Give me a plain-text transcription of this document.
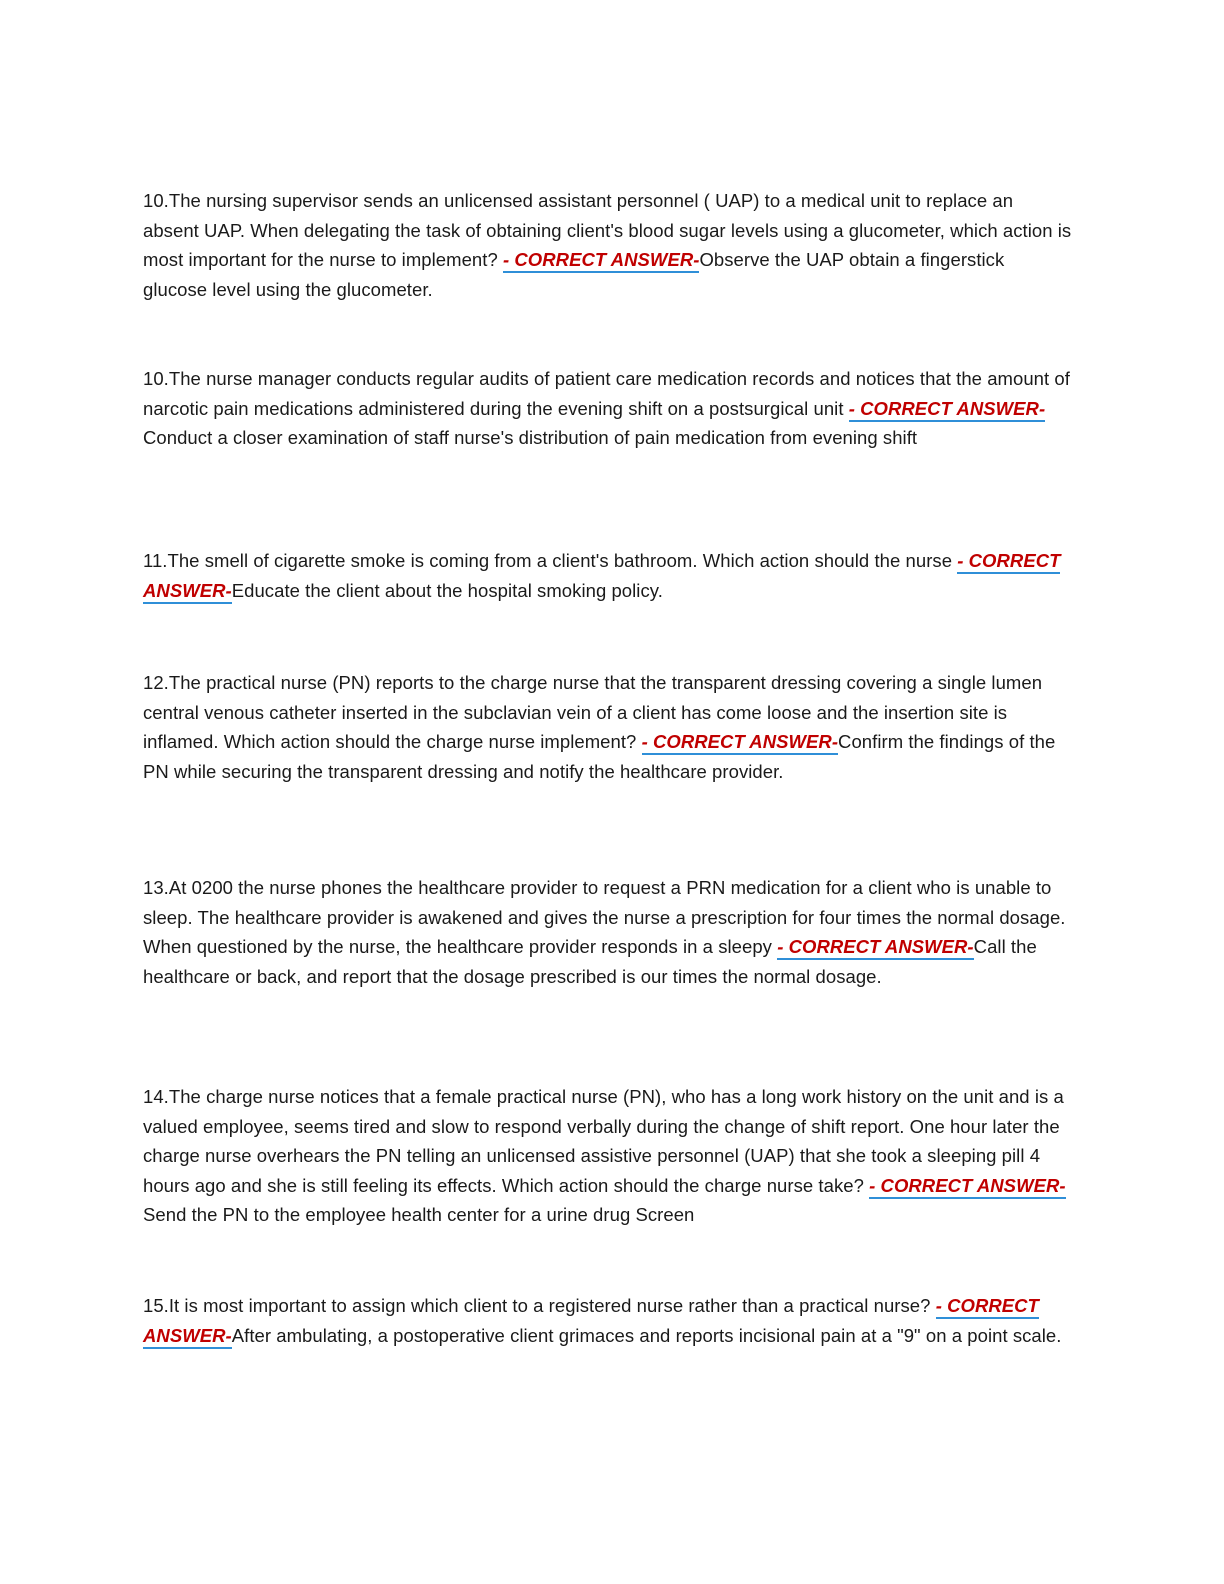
10.The nursing supervisor sends an unlicensed assistant personnel ( UAP) to a medical unit to replace an absent UAP. When delegating the task of obtaining client's blood sugar levels using a glucometer, which action is most important for the nurse to implement? - CORRECT ANSWER-Observe the UAP obtain a fingerstick glucose level using the glucometer.

10.The nurse manager conducts regular audits of patient care medication records and notices that the amount of narcotic pain medications administered during the evening shift on a postsurgical unit - CORRECT ANSWER-Conduct a closer examination of staff nurse's distribution of pain medication from evening shift

11.The smell of cigarette smoke is coming from a client's bathroom. Which action should the nurse - CORRECT ANSWER-Educate the client about the hospital smoking policy.

12.The practical nurse (PN) reports to the charge nurse that the transparent dressing covering a single lumen central venous catheter inserted in the subclavian vein of a client has come loose and the insertion site is inflamed. Which action should the charge nurse implement? - CORRECT ANSWER-Confirm the findings of the PN while securing the transparent dressing and notify the healthcare provider.

13.At 0200 the nurse phones the healthcare provider to request a PRN medication for a client who is unable to sleep. The healthcare provider is awakened and gives the nurse a prescription for four times the normal dosage. When questioned by the nurse, the healthcare provider responds in a sleepy - CORRECT ANSWER-Call the healthcare or back, and report that the dosage prescribed is our times the normal dosage.

14.The charge nurse notices that a female practical nurse (PN), who has a long work history on the unit and is a valued employee, seems tired and slow to respond verbally during the change of shift report. One hour later the charge nurse overhears the PN telling an unlicensed assistive personnel (UAP) that she took a sleeping pill 4 hours ago and she is still feeling its effects. Which action should the charge nurse take? - CORRECT ANSWER-Send the PN to the employee health center for a urine drug Screen

15.It is most important to assign which client to a registered nurse rather than a practical nurse? - CORRECT ANSWER-After ambulating, a postoperative client grimaces and reports incisional pain at a "9" on a point scale.
